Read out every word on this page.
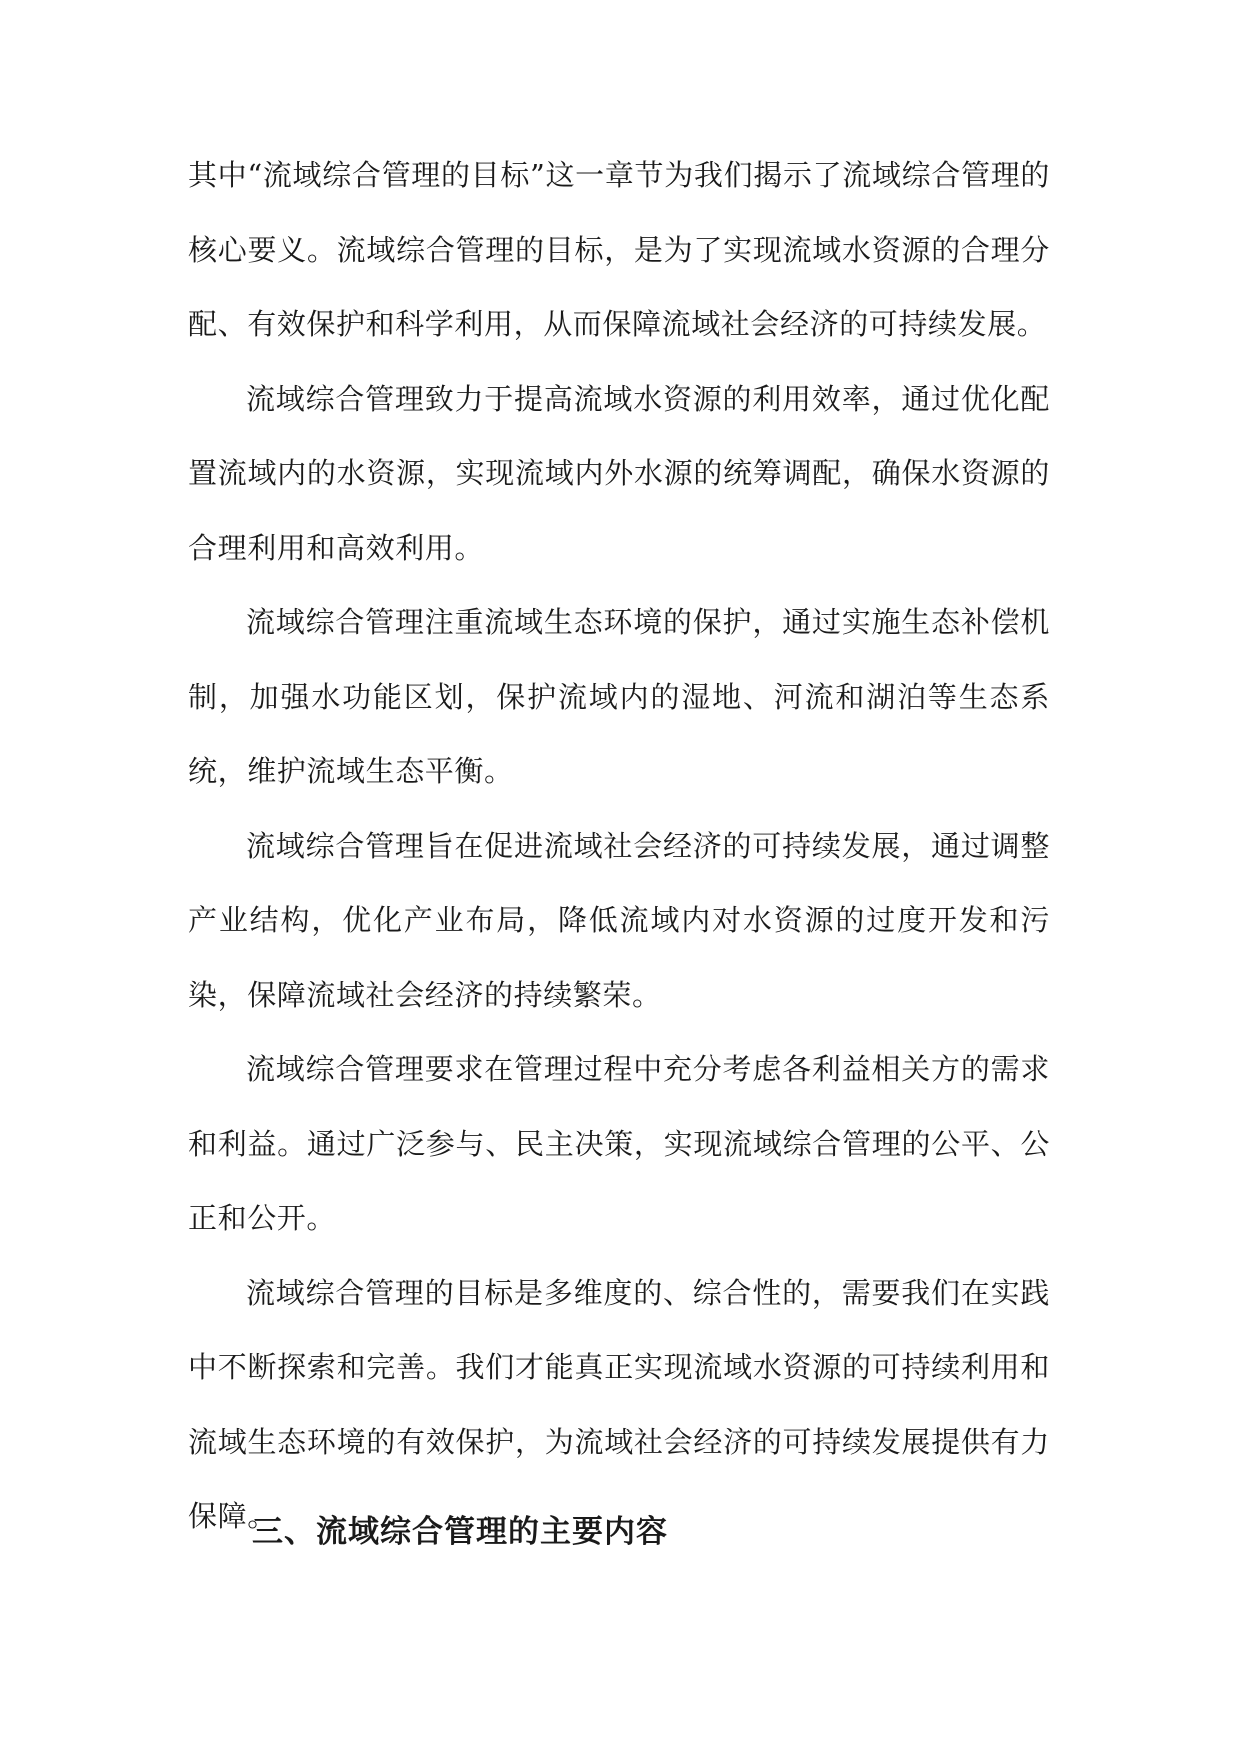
其中“流域综合管理的目标”这一章节为我们揭示了流域综合管理的核心要义。流域综合管理的目标，是为了实现流域水资源的合理分配、有效保护和科学利用，从而保障流域社会经济的可持续发展。

流域综合管理致力于提高流域水资源的利用效率，通过优化配置流域内的水资源，实现流域内外水源的统筹调配，确保水资源的合理利用和高效利用。

流域综合管理注重流域生态环境的保护，通过实施生态补偿机制，加强水功能区划，保护流域内的湿地、河流和湖泊等生态系统，维护流域生态平衡。

流域综合管理旨在促进流域社会经济的可持续发展，通过调整产业结构，优化产业布局，降低流域内对水资源的过度开发和污染，保障流域社会经济的持续繁荣。

流域综合管理要求在管理过程中充分考虑各利益相关方的需求和利益。通过广泛参与、民主决策，实现流域综合管理的公平、公正和公开。

流域综合管理的目标是多维度的、综合性的，需要我们在实践中不断探索和完善。我们才能真正实现流域水资源的可持续利用和流域生态环境的有效保护，为流域社会经济的可持续发展提供有力保障。

三、流域综合管理的主要内容
